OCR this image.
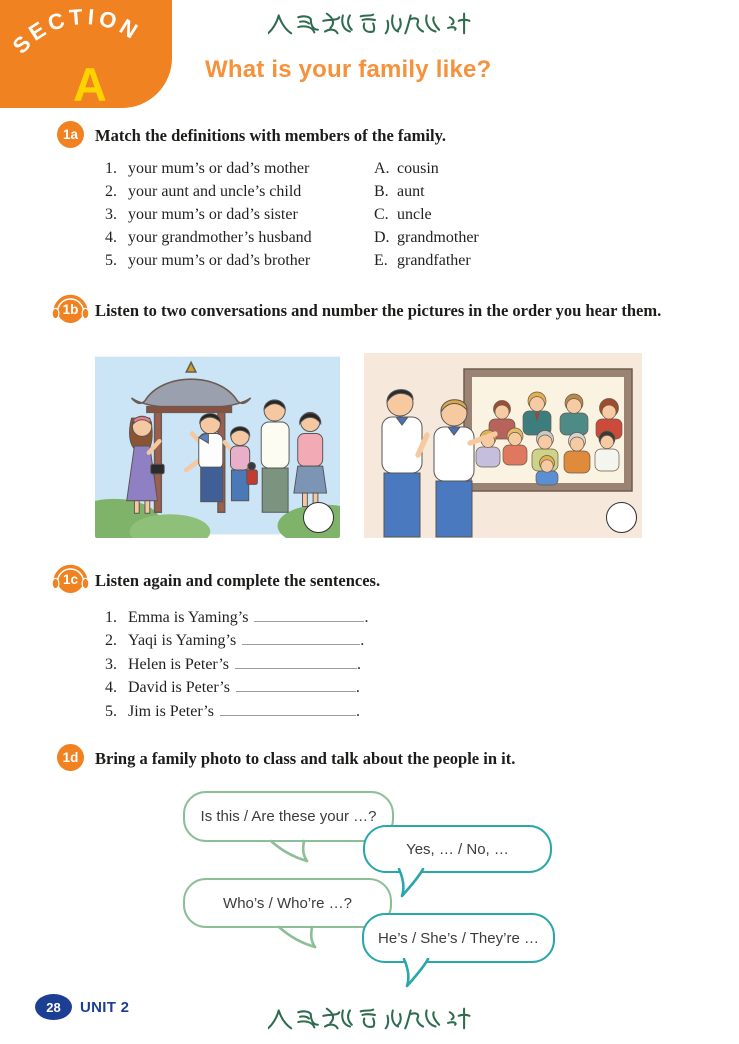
SECTION
A	What is your family like?
1a	Match the definitions with members of the family.
1. your mum’s or dad’s mother
2. your aunt and uncle’s child
3. your mum’s or dad’s sister
4. your grandmother’s husband
5. your mum’s or dad’s brother
A. cousin
B. aunt
C. uncle
D. grandmother
E. grandfather
1b Listen to two conversations and number the pictures in the order you hear them.
1c Listen again and complete the sentences.
1. Emma is Yaming’s	.
2. Yaqi is Yaming’s	.
3. Helen is Peter’s	.
4. David is Peter’s	.
5. Jim is Peter’s	.
1d	Bring a family photo to class and talk about the people in it.
Is this / Are these your …?
Yes, … / No, …
Who’s / Who’re …?
He’s / She’s / They’re …
28	UNIT 2
